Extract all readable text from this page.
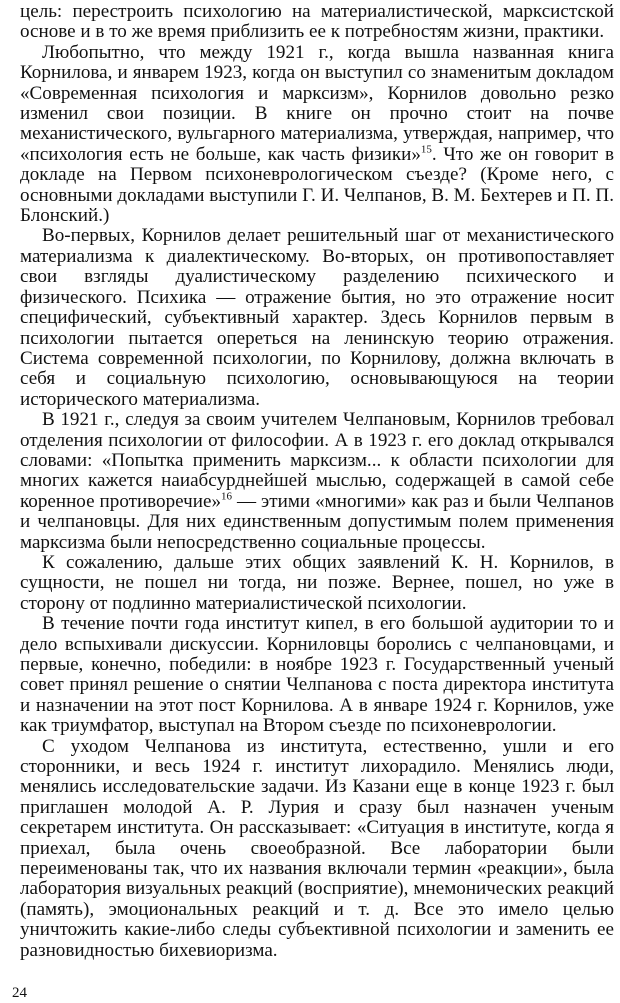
цель: перестроить психологию на материалистической, марксистской основе и в то же время приблизить ее к потребностям жизни, практики.

Любопытно, что между 1921 г., когда вышла названная книга Корнилова, и январем 1923, когда он выступил со знаменитым докладом «Современная психология и марксизм», Корнилов довольно резко изменил свои позиции. В книге он прочно стоит на почве механистического, вульгарного материализма, утверждая, например, что «психология есть не больше, как часть физики»$^{15}$. Что же он говорит в докладе на Первом психоневрологическом съезде? (Кроме него, с основными докладами выступили Г. И. Челпанов, В. М. Бехтерев и П. П. Блонский.)

Во-первых, Корнилов делает решительный шаг от механистического материализма к диалектическому. Во-вторых, он противопоставляет свои взгляды дуалистическому разделению психического и физического. Психика — отражение бытия, но это отражение носит специфический, субъективный характер. Здесь Корнилов первым в психологии пытается опереться на ленинскую теорию отражения. Система современной психологии, по Корнилову, должна включать в себя и социальную психологию, основывающуюся на теории исторического материализма.

В 1921 г., следуя за своим учителем Челпановым, Корнилов требовал отделения психологии от философии. А в 1923 г. его доклад открывался словами: «Попытка применить марксизм... к области психологии для многих кажется наиабсурднейшей мыслью, содержащей в самой себе коренное противоречие»$^{16}$ — этими «многими» как раз и были Челпанов и челпановцы. Для них единственным допустимым полем применения марксизма были непосредственно социальные процессы.

К сожалению, дальше этих общих заявлений К. Н. Корнилов, в сущности, не пошел ни тогда, ни позже. Вернее, пошел, но уже в сторону от подлинно материалистической психологии.

В течение почти года институт кипел, в его большой аудитории то и дело вспыхивали дискуссии. Корниловцы боролись с челпановцами, и первые, конечно, победили: в ноябре 1923 г. Государственный ученый совет принял решение о снятии Челпанова с поста директора института и назначении на этот пост Корнилова. А в январе 1924 г. Корнилов, уже как триумфатор, выступал на Втором съезде по психоневрологии.

С уходом Челпанова из института, естественно, ушли и его сторонники, и весь 1924 г. институт лихорадило. Менялись люди, менялись исследовательские задачи. Из Казани еще в конце 1923 г. был приглашен молодой А. Р. Лурия и сразу был назначен ученым секретарем института. Он рассказывает: «Ситуация в институте, когда я приехал, была очень своеобразной. Все лаборатории были переименованы так, что их названия включали термин «реакции», была лаборатория визуальных реакций (восприятие), мнемонических реакций (память), эмоциональных реакций и т. д. Все это имело целью уничтожить какие-либо следы субъективной психологии и заменить ее разновидностью бихевиоризма.

24
